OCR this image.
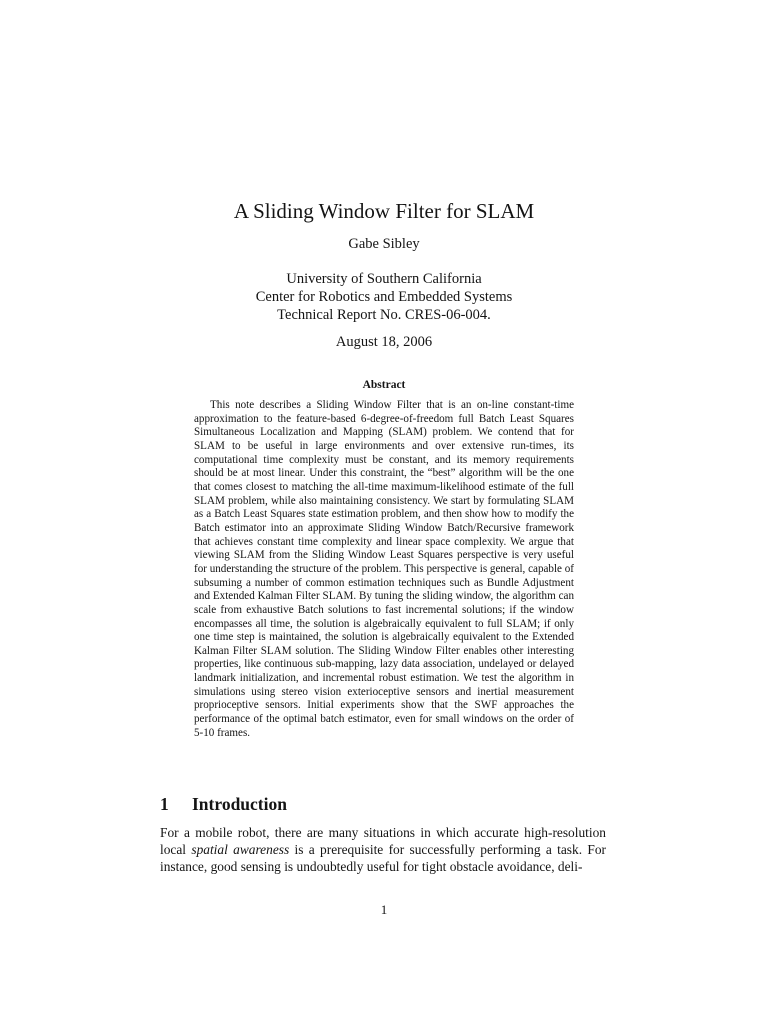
A Sliding Window Filter for SLAM
Gabe Sibley
University of Southern California
Center for Robotics and Embedded Systems
Technical Report No. CRES-06-004.
August 18, 2006
Abstract

This note describes a Sliding Window Filter that is an on-line constant-time approximation to the feature-based 6-degree-of-freedom full Batch Least Squares Simultaneous Localization and Mapping (SLAM) problem. We contend that for SLAM to be useful in large environments and over extensive run-times, its computational time complexity must be constant, and its memory requirements should be at most linear. Under this constraint, the “best” algorithm will be the one that comes closest to matching the all-time maximum-likelihood estimate of the full SLAM problem, while also maintaining consistency. We start by formulating SLAM as a Batch Least Squares state estimation problem, and then show how to modify the Batch estimator into an approximate Sliding Window Batch/Recursive framework that achieves constant time complexity and linear space complexity. We argue that viewing SLAM from the Sliding Window Least Squares perspective is very useful for understanding the structure of the problem. This perspective is general, capable of subsuming a number of common estimation techniques such as Bundle Adjustment and Extended Kalman Filter SLAM. By tuning the sliding window, the algorithm can scale from exhaustive Batch solutions to fast incremental solutions; if the window encompasses all time, the solution is algebraically equivalent to full SLAM; if only one time step is maintained, the solution is algebraically equivalent to the Extended Kalman Filter SLAM solution. The Sliding Window Filter enables other interesting properties, like continuous sub-mapping, lazy data association, undelayed or delayed landmark initialization, and incremental robust estimation. We test the algorithm in simulations using stereo vision exterioceptive sensors and inertial measurement proprioceptive sensors. Initial experiments show that the SWF approaches the performance of the optimal batch estimator, even for small windows on the order of 5-10 frames.

1 Introduction

For a mobile robot, there are many situations in which accurate high-resolution local spatial awareness is a prerequisite for successfully performing a task. For instance, good sensing is undoubtedly useful for tight obstacle avoidance, deli-

1
